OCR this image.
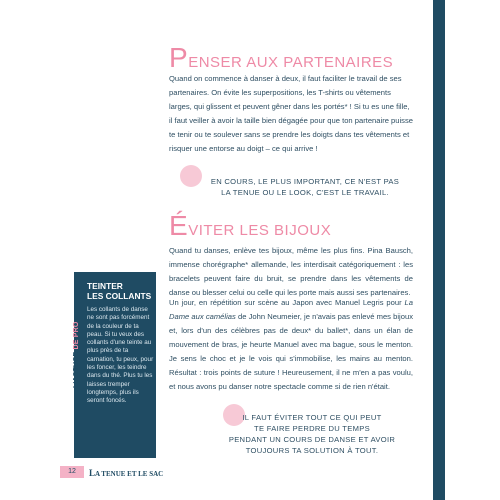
PENSER AUX PARTENAIRES

Quand on commence à danser à deux, il faut faciliter le travail de ses partenaires. On évite les superpositions, les T-shirts ou vêtements larges, qui glissent et peuvent gêner dans les portés* ! Si tu es une fille, il faut veiller à avoir la taille bien dégagée pour que ton partenaire puisse te tenir ou te soulever sans se prendre les doigts dans tes vêtements et risquer une entorse au doigt – ce qui arrive !

EN COURS, LE PLUS IMPORTANT, CE N'EST PAS
LA TENUE OU LE LOOK, C'EST LE TRAVAIL.

ÉVITER LES BIJOUX

Quand tu danses, enlève tes bijoux, même les plus fins. Pina Bausch, immense chorégraphe* allemande, les interdisait catégoriquement : les bracelets peuvent faire du bruit, se prendre dans les vêtements de danse ou blesser celui ou celle qui les porte mais aussi ses partenaires.

Un jour, en répétition sur scène au Japon avec Manuel Legris pour La Dame aux camélias de John Neumeier, je n'avais pas enlevé mes bijoux et, lors d'un des célèbres pas de deux* du ballet*, dans un élan de mouvement de bras, je heurte Manuel avec ma bague, sous le menton. Je sens le choc et je le vois qui s'immobilise, les mains au menton. Résultat : trois points de suture ! Heureusement, il ne m'en a pas voulu, et nous avons pu danser notre spectacle comme si de rien n'était.

IL FAUT ÉVITER TOUT CE QUI PEUT
TE FAIRE PERDRE DU TEMPS
PENDANT UN COURS DE DANSE ET AVOIR
TOUJOURS TA SOLUTION À TOUT.

TEINTER
LES COLLANTS

Les collants de danse ne sont pas forcément de la couleur de ta peau. Si tu veux des collants d'une teinte au plus près de ta carnation, tu peux, pour les foncer, les teindre dans du thé. Plus tu les laisses tremper longtemps, plus ils seront foncés.

L'ASTUCE DE PRO
12	LA TENUE ET LE SAC
